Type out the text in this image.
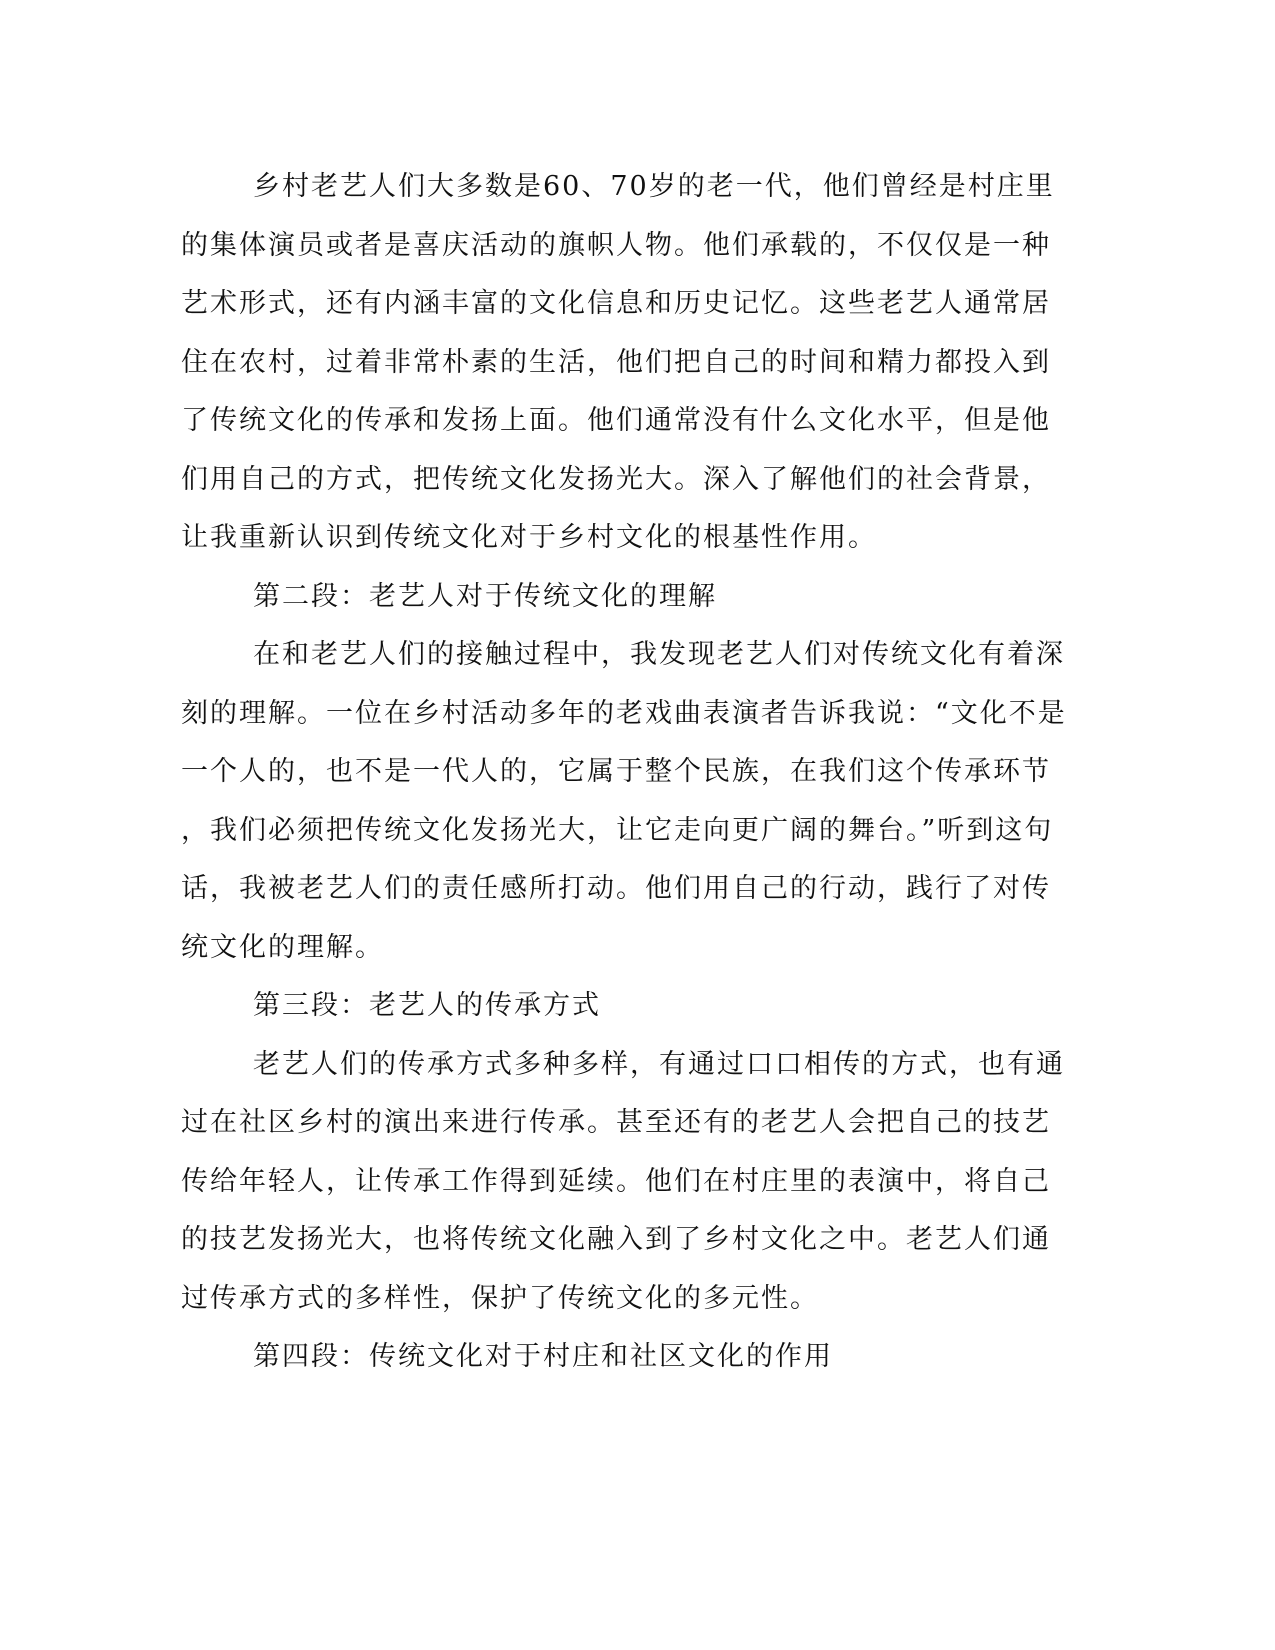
乡村老艺人们大多数是60、70岁的老一代，他们曾经是村庄里
的集体演员或者是喜庆活动的旗帜人物。他们承载的，不仅仅是一种
艺术形式，还有内涵丰富的文化信息和历史记忆。这些老艺人通常居
住在农村，过着非常朴素的生活，他们把自己的时间和精力都投入到
了传统文化的传承和发扬上面。他们通常没有什么文化水平，但是他
们用自己的方式，把传统文化发扬光大。深入了解他们的社会背景，
让我重新认识到传统文化对于乡村文化的根基性作用。
第二段：老艺人对于传统文化的理解
在和老艺人们的接触过程中，我发现老艺人们对传统文化有着深
刻的理解。一位在乡村活动多年的老戏曲表演者告诉我说：“文化不是
一个人的，也不是一代人的，它属于整个民族，在我们这个传承环节
，我们必须把传统文化发扬光大，让它走向更广阔的舞台。”听到这句
话，我被老艺人们的责任感所打动。他们用自己的行动，践行了对传
统文化的理解。
第三段：老艺人的传承方式
老艺人们的传承方式多种多样，有通过口口相传的方式，也有通
过在社区乡村的演出来进行传承。甚至还有的老艺人会把自己的技艺
传给年轻人，让传承工作得到延续。他们在村庄里的表演中，将自己
的技艺发扬光大，也将传统文化融入到了乡村文化之中。老艺人们通
过传承方式的多样性，保护了传统文化的多元性。
第四段：传统文化对于村庄和社区文化的作用
